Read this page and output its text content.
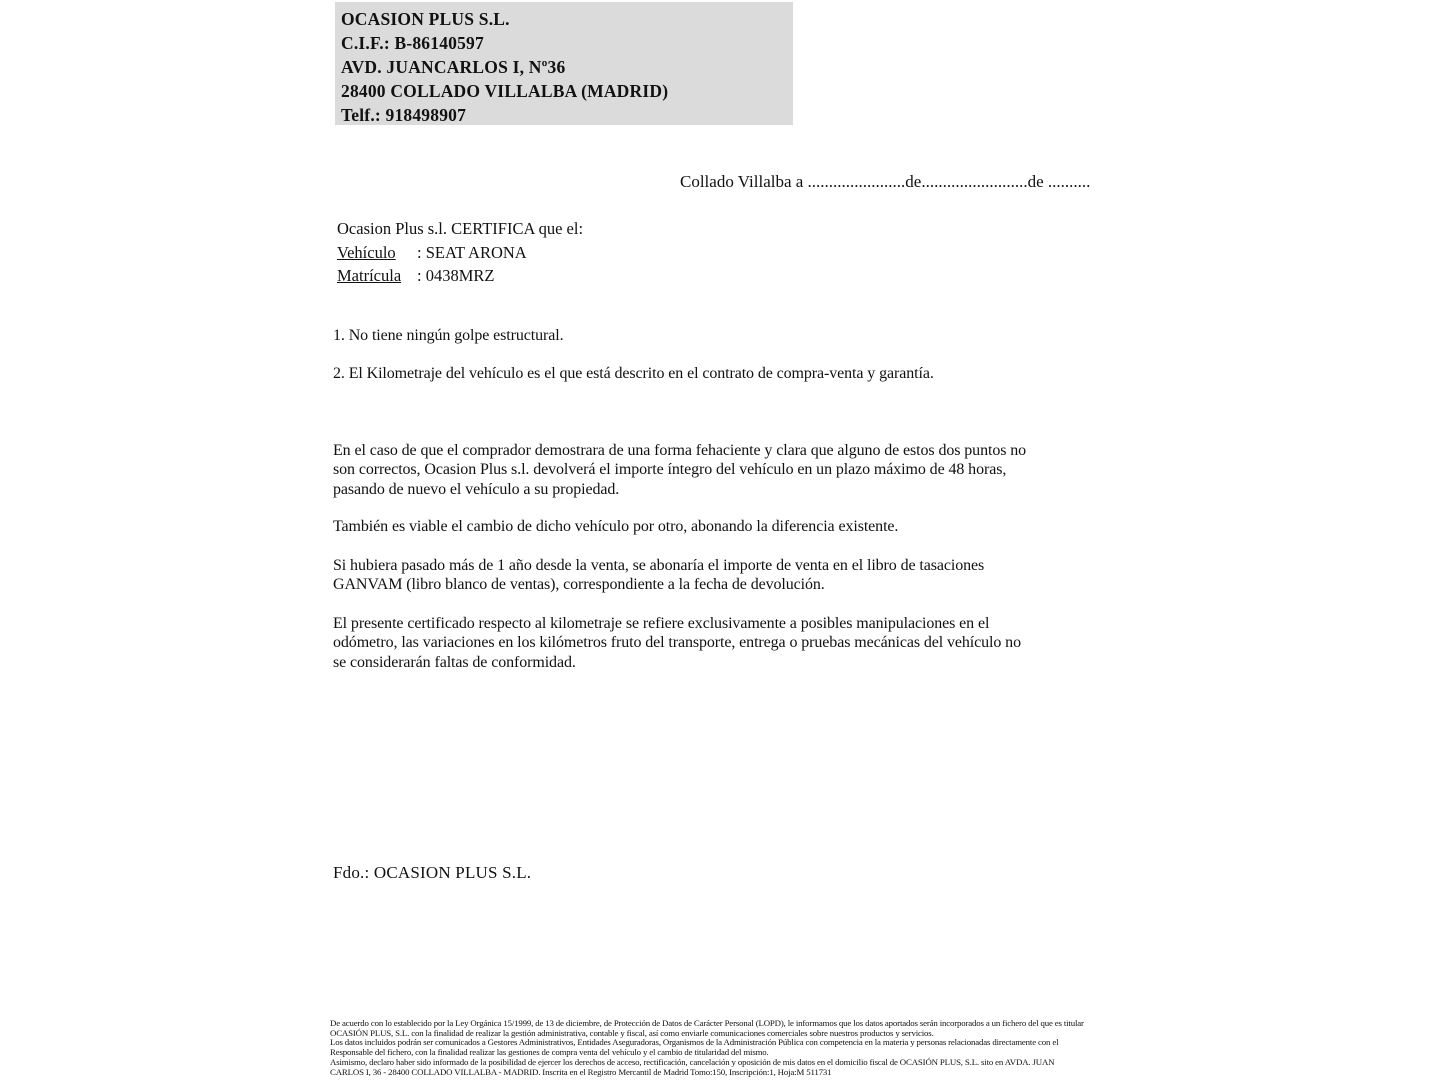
OCASION PLUS S.L.
C.I.F.: B-86140597
AVD. JUANCARLOS I, Nº36
28400 COLLADO VILLALBA (MADRID)
Telf.: 918498907
Collado Villalba a .......................de.........................de ..........
Ocasion Plus s.l. CERTIFICA que el:
Vehículo : SEAT ARONA
Matrícula : 0438MRZ
1. No tiene ningún golpe estructural.
2. El Kilometraje del vehículo es el que está descrito en el contrato de compra-venta y garantía.
En el caso de que el comprador demostrara de una forma fehaciente y clara que alguno de estos dos puntos no
son correctos, Ocasion Plus s.l. devolverá el importe íntegro del vehículo en un plazo máximo de 48 horas,
pasando de nuevo el vehículo a su propiedad.
También es viable el cambio de dicho vehículo por otro, abonando la diferencia existente.
Si hubiera pasado más de 1 año desde la venta, se abonaría el importe de venta en el libro de tasaciones
GANVAM (libro blanco de ventas), correspondiente a la fecha de devolución.
El presente certificado respecto al kilometraje se refiere exclusivamente a posibles manipulaciones en el
odómetro, las variaciones en los kilómetros fruto del transporte, entrega o pruebas mecánicas del vehículo no
se considerarán faltas de conformidad.
Fdo.: OCASION PLUS S.L.
De acuerdo con lo establecido por la Ley Orgánica 15/1999, de 13 de diciembre, de Protección de Datos de Carácter Personal (LOPD), le informamos que los datos aportados serán incorporados a un fichero del que es titular
OCASIÓN PLUS, S.L. con la finalidad de realizar la gestión administrativa, contable y fiscal, así como enviarle comunicaciones comerciales sobre nuestros productos y servicios.
Los datos incluidos podrán ser comunicados a Gestores Administrativos, Entidades Aseguradoras, Organismos de la Administración Pública con competencia en la materia y personas relacionadas directamente con el
Responsable del fichero, con la finalidad realizar las gestiones de compra venta del vehículo y el cambio de titularidad del mismo.
Asimismo, declaro haber sido informado de la posibilidad de ejercer los derechos de acceso, rectificación, cancelación y oposición de mis datos en el domicilio fiscal de OCASIÓN PLUS, S.L. sito en AVDA. JUAN
CARLOS I, 36 - 28400 COLLADO VILLALBA - MADRID. Inscrita en el Registro Mercantil de Madrid Tomo:150, Inscripción:1, Hoja:M 511731
